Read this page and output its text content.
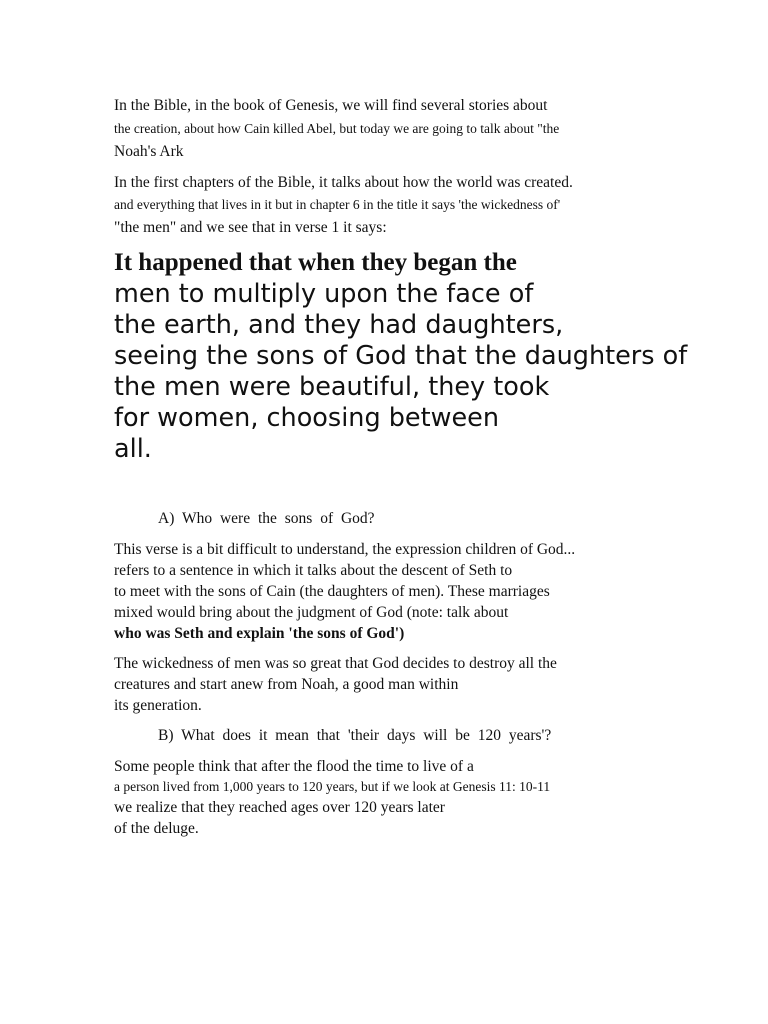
In the Bible, in the book of Genesis, we will find several stories about
the creation, about how Cain killed Abel, but today we are going to talk about "the
Noah's Ark
In the first chapters of the Bible, it talks about how the world was created.
and everything that lives in it but in chapter 6 in the title it says 'the wickedness of'
"the men" and we see that in verse 1 it says:
It happened that when they began the
men to multiply upon the face of
the earth, and they had daughters,
seeing the sons of God that the daughters of
the men were beautiful, they took
for women, choosing between
all.
A) Who were the sons of God?
This verse is a bit difficult to understand, the expression children of God...
refers to a sentence in which it talks about the descent of Seth to
to meet with the sons of Cain (the daughters of men). These marriages
mixed would bring about the judgment of God (note: talk about
who was Seth and explain 'the sons of God')
The wickedness of men was so great that God decides to destroy all the
creatures and start anew from Noah, a good man within
its generation.
B) What does it mean that 'their days will be 120 years'?
Some people think that after the flood the time to live of a
a person lived from 1,000 years to 120 years, but if we look at Genesis 11: 10-11
we realize that they reached ages over 120 years later
of the deluge.
